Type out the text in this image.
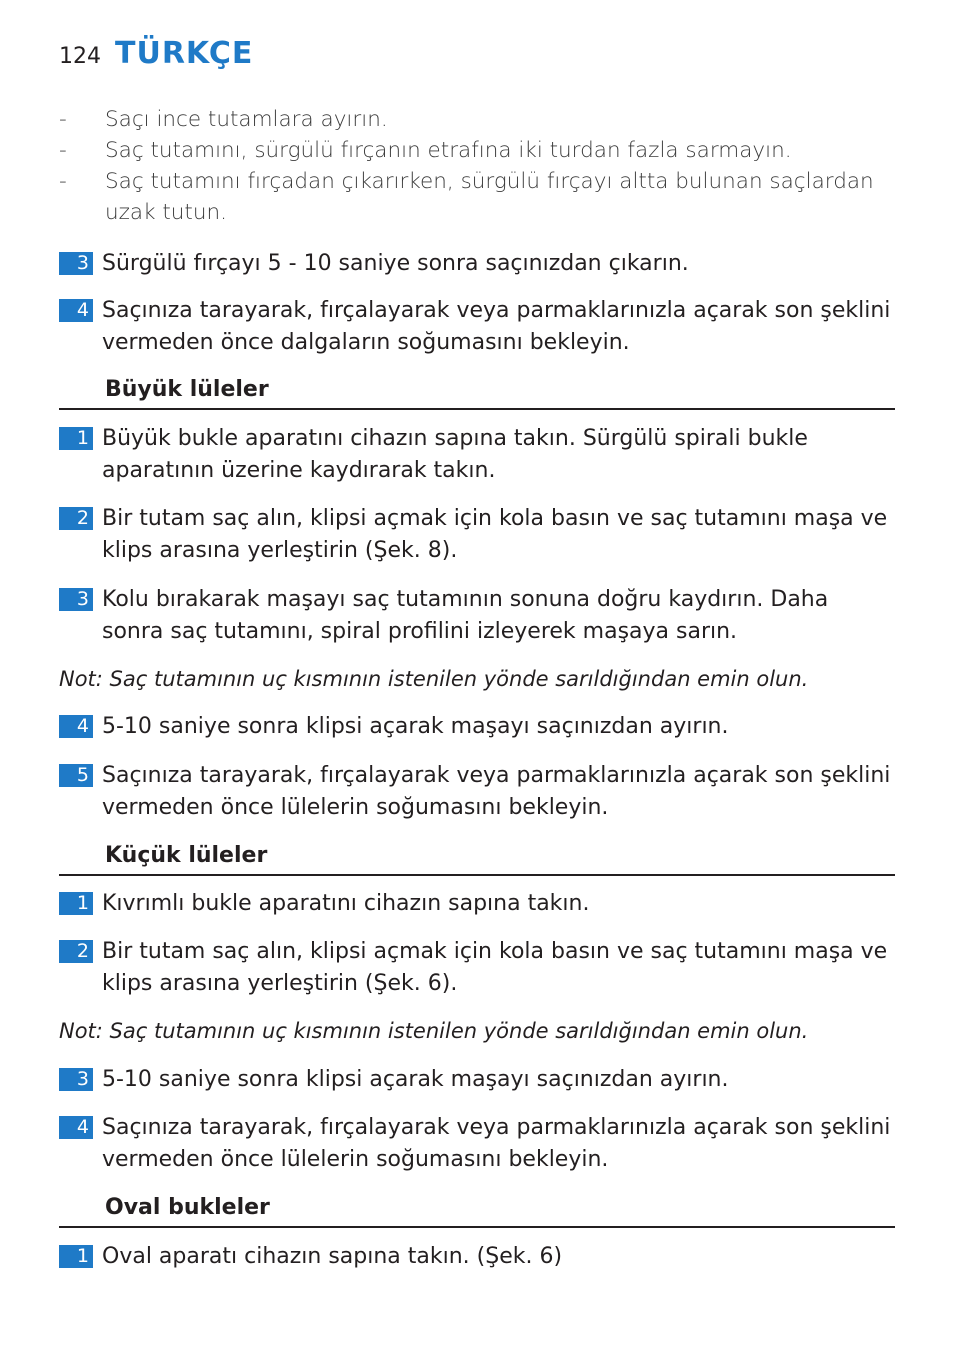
124 TÜRKÇE
-	Saçı ince tutamlara ayırın.
-	Saç tutamını, sürgülü fırçanın etrafına iki turdan fazla sarmayın.
-	Saç tutamını fırçadan çıkarırken, sürgülü fırçayı altta bulunan saçlardan uzak tutun.
3 Sürgülü fırçayı 5 - 10 saniye sonra saçınızdan çıkarın.
4 Saçınıza tarayarak, fırçalayarak veya parmaklarınızla açarak son şeklini vermeden önce dalgaların soğumasını bekleyin.
Büyük lüleler
1 Büyük bukle aparatını cihazın sapına takın. Sürgülü spirali bukle aparatının üzerine kaydırarak takın.
2 Bir tutam saç alın, klipsi açmak için kola basın ve saç tutamını maşa ve klips arasına yerleştirin (Şek. 8).
3 Kolu bırakarak maşayı saç tutamının sonuna doğru kaydırın. Daha sonra saç tutamını, spiral profilini izleyerek maşaya sarın.
Not: Saç tutamının uç kısmının istenilen yönde sarıldığından emin olun.
4 5-10 saniye sonra klipsi açarak maşayı saçınızdan ayırın.
5 Saçınıza tarayarak, fırçalayarak veya parmaklarınızla açarak son şeklini vermeden önce lülelerin soğumasını bekleyin.
Küçük lüleler
1 Kıvrımlı bukle aparatını cihazın sapına takın.
2 Bir tutam saç alın, klipsi açmak için kola basın ve saç tutamını maşa ve klips arasına yerleştirin (Şek. 6).
Not: Saç tutamının uç kısmının istenilen yönde sarıldığından emin olun.
3 5-10 saniye sonra klipsi açarak maşayı saçınızdan ayırın.
4 Saçınıza tarayarak, fırçalayarak veya parmaklarınızla açarak son şeklini vermeden önce lülelerin soğumasını bekleyin.
Oval bukleler
1 Oval aparatı cihazın sapına takın. (Şek. 6)
